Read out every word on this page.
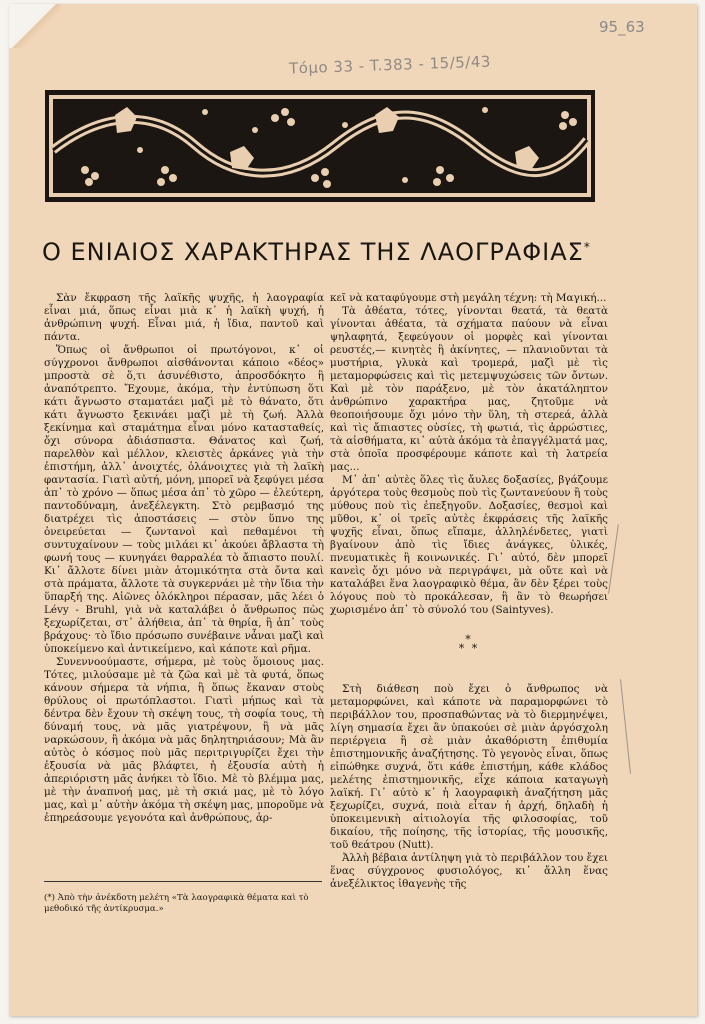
95_63
Τόμο 33 - T.383 - 15/5/43
Ο ΕΝΙΑΙΟΣ ΧΑΡΑΚΤΗΡΑΣ ΤΗΣ ΛΑΟΓΡΑΦΙΑΣ*

Σὰν ἔκφραση τῆς λαϊκῆς ψυχῆς, ἡ λαογραφία εἶναι μιά, ὅπως εἶναι μιὰ κ᾿ ἡ λαϊκὴ ψυχή, ἡ ἀνθρώπινη ψυχή. Εἶναι μιά, ἡ ἴδια, παντοῦ καὶ πάντα.

Ὅπως οἱ ἄνθρωποι οἱ πρωτόγονοι, κ᾿ οἱ σύγχρονοι ἄνθρωποι αἰσθάνονται κάποιο «δέος» μπροστὰ σὲ ὅ,τι ἀσυνέθιστο, ἀπροσδόκητο ἢ ἀναπότρεπτο. Ἔχουμε, ἀκόμα, τὴν ἐντύπωση ὅτι κάτι ἄγνωστο σταματάει μαζὶ μὲ τὸ θάνατο, ὅτι κάτι ἄγνωστο ξεκινάει μαζὶ μὲ τὴ ζωή. Ἀλλὰ ξεκίνημα καὶ σταμάτημα εἶναι μόνο κατασταθείς, ὄχι σύνορα ἀδιάσπαστα. Θάνατος καὶ ζωή, παρελθὸν καὶ μέλλον, κλειστὲς ἀρκάνες γιὰ τὴν ἐπιστήμη, ἀλλ᾿ ἀνοιχτές, ὁλάνοιχτες γιὰ τὴ λαϊκὴ φαντασία. Γιατὶ αὐτή, μόνη, μπορεῖ νὰ ξεφύγει μέσα ἀπ᾿ τὸ χρόνο — ὅπως μέσα ἀπ᾿ τὸ χῶρο — ἐλεύτερη, παντοδύναμη, ἀνεξέλεγκτη. Στὸ ρεμβασμό της διατρέχει τὶς ἀποστάσεις — στὸν ὕπνο της ὀνειρεύεται — ζωντανοὶ καὶ πεθαμένοι τὴ συντυχαίνουν — τοὺς μιλάει κι᾿ ἀκούει ἄβλαστα τὴ φωνή τους — κυνηγάει θαρραλέα τὸ ἄπιαστο πουλί. Κι᾿ ἄλλοτε δίνει μιὰν ἀτομικότητα στὰ ὄντα καὶ στὰ πράματα, ἄλλοτε τὰ συγκερνάει μὲ τὴν ἴδια τὴν ὕπαρξή της. Αἰῶνες ὁλόκληροι πέρασαν, μᾶς λέει ὁ Lévy - Bruhl, γιὰ νὰ καταλάβει ὁ ἄνθρωπος πὼς ξεχωρίζεται, στ᾿ ἀλήθεια, ἀπ᾿ τὰ θηρία, ἢ ἀπ᾿ τοὺς βράχους· τὸ ἴδιο πρόσωπο συνέβαινε νἆναι μαζὶ καὶ ὑποκείμενο καὶ ἀντικείμενο, καὶ κάποτε καὶ ρῆμα.

Συνεννοούμαστε, σήμερα, μὲ τοὺς ὅμοιους μας. Τότες, μιλούσαμε μὲ τὰ ζῶα καὶ μὲ τὰ φυτά, ὅπως κάνουν σήμερα τὰ νήπια, ἢ ὅπως ἔκαναν στοὺς θρύλους οἱ πρωτόπλαστοι. Γιατὶ μήπως καὶ τὰ δέντρα δὲν ἔχουν τὴ σκέψη τους, τὴ σοφία τους, τὴ δύναμή τους, νὰ μᾶς γιατρέψουν, ἢ νὰ μᾶς ναρκώσουν, ἢ ἀκόμα νὰ μᾶς δηλητηριάσουν; Μὰ ἂν αὐτὸς ὁ κόσμος ποὺ μᾶς περιτριγυρίζει ἔχει τὴν ἐξουσία νὰ μᾶς βλάφτει, ἡ ἐξουσία αὐτὴ ἡ ἀπεριόριστη μᾶς ἀνήκει τὸ ἴδιο. Μὲ τὸ βλέμμα μας, μὲ τὴν ἀναπνοή μας, μὲ τὴ σκιά μας, μὲ τὸ λόγο μας, καὶ μ᾿ αὐτὴν ἀκόμα τὴ σκέψη μας, μποροῦμε νὰ ἐπηρεάσουμε γεγονότα καὶ ἀνθρώπους, ἀρ-

(*) Ἀπὸ τὴν ἀνέκδοτη μελέτη «Τὰ λαογραφικὰ θέματα καὶ τὸ μεθοδικό τῆς ἀντίκρυσμα.»

κεῖ νὰ καταφύγουμε στὴ μεγάλη τέχνη: τὴ Μαγική...

Τὰ ἀθέατα, τότες, γίνονται θεατά, τὰ θεατὰ γίνονται ἀθέατα, τὰ σχήματα παύουν νὰ εἶναι ψηλαφητά, ξεφεύγουν οἱ μορφὲς καὶ γίνονται ρευστές,— κινητὲς ἢ ἀκίνητες, — πλανιοῦνται τὰ μυστήρια, γλυκὰ καὶ τρομερά, μαζὶ μὲ τὶς μεταμορφώσεις καὶ τὶς μετεμψυχώσεις τῶν ὄντων. Καὶ μὲ τὸν παράξενο, μὲ τὸν ἀκατάληπτον ἀνθρώπινο χαρακτήρα μας, ζητοῦμε νὰ θεοποιήσουμε ὄχι μόνο τὴν ὕλη, τὴ στερεά, ἀλλὰ καὶ τὶς ἄπιαστες οὐσίες, τὴ φωτιά, τὶς ἀρρώστιες, τὰ αἰσθήματα, κι᾿ αὐτὰ ἀκόμα τὰ ἐπαγγέλματά μας, στὰ ὁποῖα προσφέρουμε κάποτε καὶ τὴ λατρεία μας...

Μ᾿ ἀπ᾿ αὐτὲς ὅλες τὶς ἄυλες δοξασίες, βγάζουμε ἀργότερα τοὺς θεσμοὺς ποὺ τὶς ζωντανεύουν ἢ τοὺς μύθους ποὺ τὶς ἐπεξηγοῦν. Δοξασίες, θεσμοὶ καὶ μῦθοι, κ᾿ οἱ τρεῖς αὐτὲς ἐκφράσεις τῆς λαϊκῆς ψυχῆς εἶναι, ὅπως εἴπαμε, ἀλληλένδετες, γιατὶ βγαίνουν ἀπὸ τὶς ἴδιες ἀνάγκες, ὑλικές, πνευματικὲς ἢ κοινωνικές. Γι᾿ αὐτό, δὲν μπορεῖ κανεὶς ὄχι μόνο νὰ περιγράψει, μὰ οὔτε καὶ νὰ καταλάβει ἕνα λαογραφικὸ θέμα, ἂν δὲν ξέρει τοὺς λόγους ποὺ τὸ προκάλεσαν, ἢ ἂν τὸ θεωρήσει χωρισμένο ἀπ᾿ τὸ σύνολό του (Saintyves).

*
* *

Στὴ διάθεση ποὺ ἔχει ὁ ἄνθρωπος νὰ μεταμορφώνει, καὶ κάποτε νὰ παραμορφώνει τὸ περιβάλλον του, προσπαθώντας νὰ τὸ διερμηνέψει, λίγη σημασία ἔχει ἂν ὑπακούει σὲ μιὰν ἀργόσχολη περιέργεια ἢ σὲ μιὰν ἀκαθόριστη ἐπιθυμία ἐπιστημονικῆς ἀναζήτησης. Τὸ γεγονὸς εἶναι, ὅπως εἰπώθηκε συχνά, ὅτι κάθε ἐπιστήμη, κάθε κλάδος μελέτης ἐπιστημονικῆς, εἶχε κάποια καταγωγὴ λαϊκή. Γι᾿ αὐτὸ κ᾿ ἡ λαογραφικὴ ἀναζήτηση μᾶς ξεχωρίζει, συχνά, ποιὰ εἶταν ἡ ἀρχή, δηλαδὴ ἡ ὑποκειμενικὴ αἰτιολογία τῆς φιλοσοφίας, τοῦ δικαίου, τῆς ποίησης, τῆς ἱστορίας, τῆς μουσικῆς, τοῦ θεάτρου (Nutt).

Ἀλλὴ βέβαια ἀντίληψη γιὰ τὸ περιβάλλον του ἔχει ἕνας σύγχρονος φυσιολόγος, κι᾿ ἄλλη ἕνας ἀνεξέλικτος ἰθαγενὴς τῆς
